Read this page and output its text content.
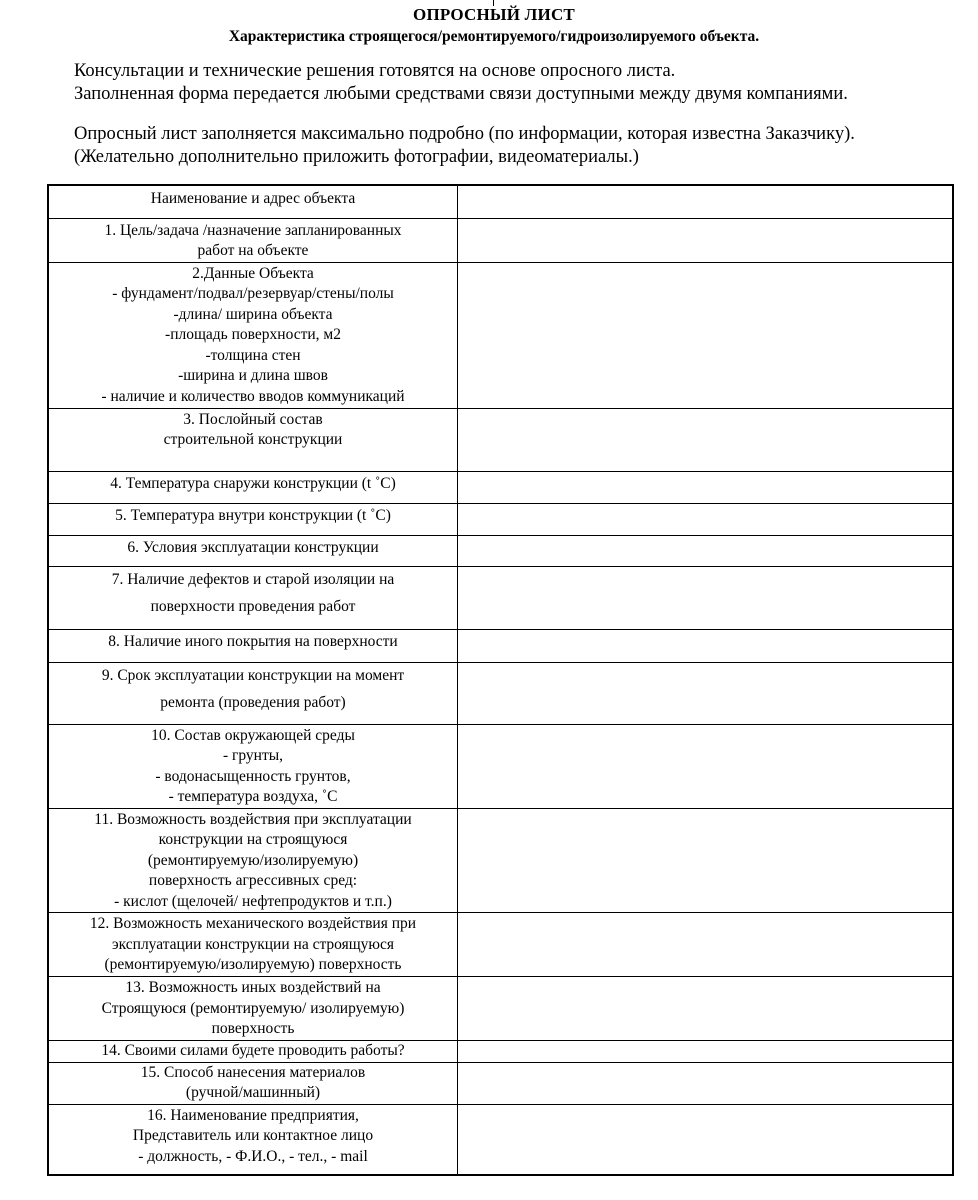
ОПРОСНЫЙ ЛИСТ
Характеристика строящегося/ремонтируемого/гидроизолируемого объекта.

Консультации и технические решения готовятся на основе опросного листа.

Заполненная форма передается любыми средствами связи доступными между двумя компаниями.

Опросный лист заполняется максимально подробно (по информации, которая известна Заказчику).

(Желательно дополнительно приложить фотографии, видеоматериалы.)

Наименование и адрес объекта	

1. Цель/задача /назначение запланированных
работ на объекте	

2.Данные Объекта
- фундамент/подвал/резервуар/стены/полы
-длина/ ширина объекта
-площадь поверхности, м2
-толщина стен
-ширина и длина швов
- наличие и количество вводов коммуникаций

3. Послойный состав
строительной конструкции	

4. Температура снаружи конструкции (t ˚С)	

5. Температура внутри конструкции (t ˚С)	

6. Условия эксплуатации конструкции	

7. Наличие дефектов и старой изоляции на
поверхности проведения работ	

8. Наличие иного покрытия на поверхности	

9. Срок эксплуатации конструкции на момент
ремонта (проведения работ)	

10. Состав окружающей среды
- грунты,
- водонасыщенность грунтов,
- температура воздуха, ˚С	

11. Возможность воздействия при эксплуатации
конструкции на строящуюся
(ремонтируемую/изолируемую)
поверхность агрессивных сред:
- кислот (щелочей/ нефтепродуктов и т.п.)	

12. Возможность механического воздействия при
эксплуатации конструкции на строящуюся
(ремонтируемую/изолируемую) поверхность	

13. Возможность иных воздействий на
Строящуюся (ремонтируемую/ изолируемую)
поверхность	

14. Своими силами будете проводить работы?	

15. Способ нанесения материалов
(ручной/машинный)	

16. Наименование предприятия,
Представитель или контактное лицо
- должность, - Ф.И.О., - тел., - mail	
